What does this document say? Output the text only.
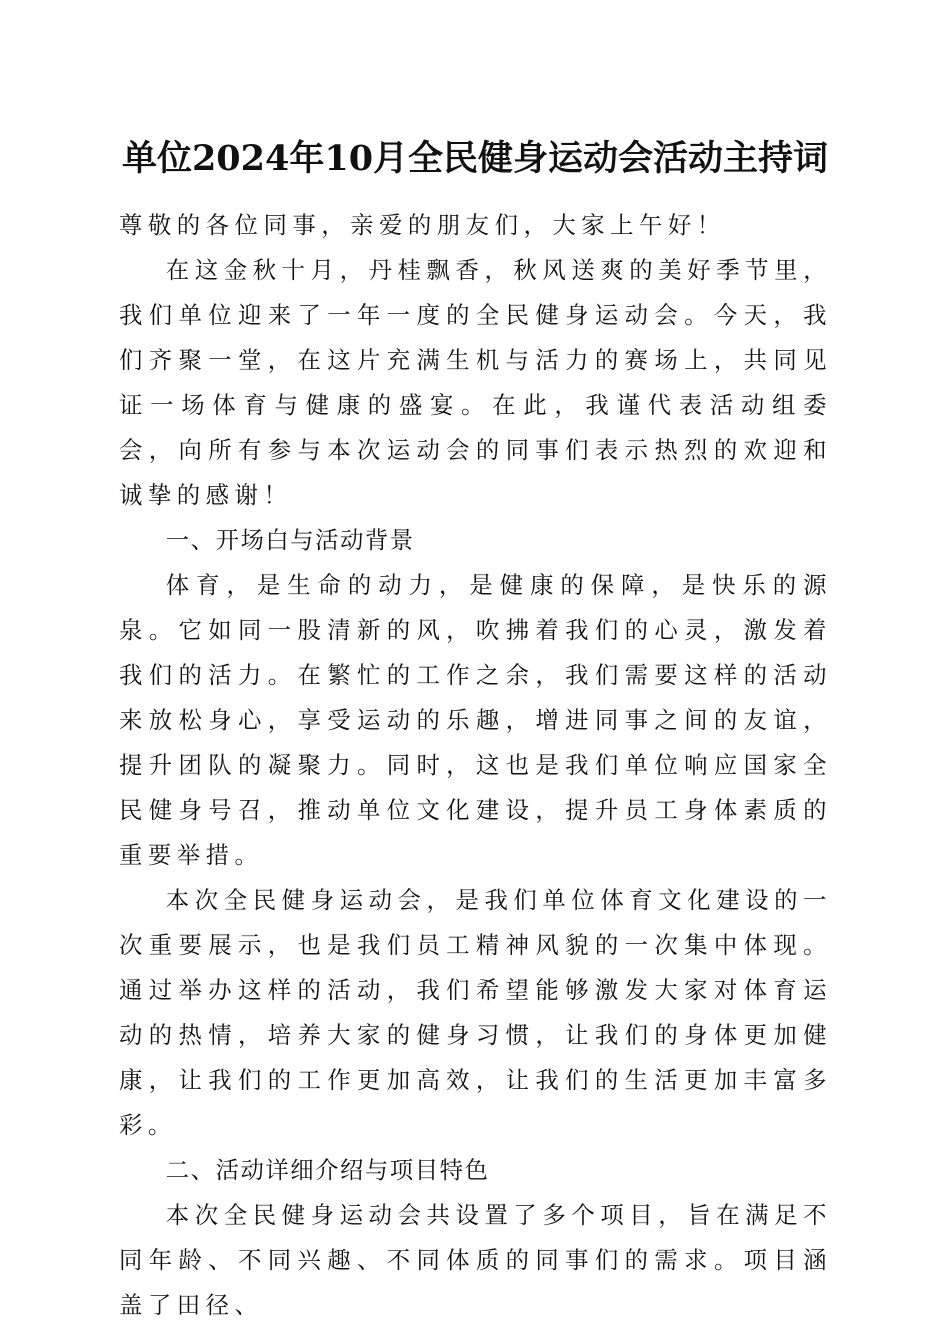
单位2024年10月全民健身运动会活动主持词

尊敬的各位同事，亲爱的朋友们，大家上午好！

在这金秋十月，丹桂飘香，秋风送爽的美好季节里，我们单位迎来了一年一度的全民健身运动会。今天，我们齐聚一堂，在这片充满生机与活力的赛场上，共同见证一场体育与健康的盛宴。在此，我谨代表活动组委会，向所有参与本次运动会的同事们表示热烈的欢迎和诚挚的感谢！

一、开场白与活动背景

体育，是生命的动力，是健康的保障，是快乐的源泉。它如同一股清新的风，吹拂着我们的心灵，激发着我们的活力。在繁忙的工作之余，我们需要这样的活动来放松身心，享受运动的乐趣，增进同事之间的友谊，提升团队的凝聚力。同时，这也是我们单位响应国家全民健身号召，推动单位文化建设，提升员工身体素质的重要举措。

本次全民健身运动会，是我们单位体育文化建设的一次重要展示，也是我们员工精神风貌的一次集中体现。通过举办这样的活动，我们希望能够激发大家对体育运动的热情，培养大家的健身习惯，让我们的身体更加健康，让我们的工作更加高效，让我们的生活更加丰富多彩。

二、活动详细介绍与项目特色

本次全民健身运动会共设置了多个项目，旨在满足不同年龄、不同兴趣、不同体质的同事们的需求。项目涵盖了田径、
